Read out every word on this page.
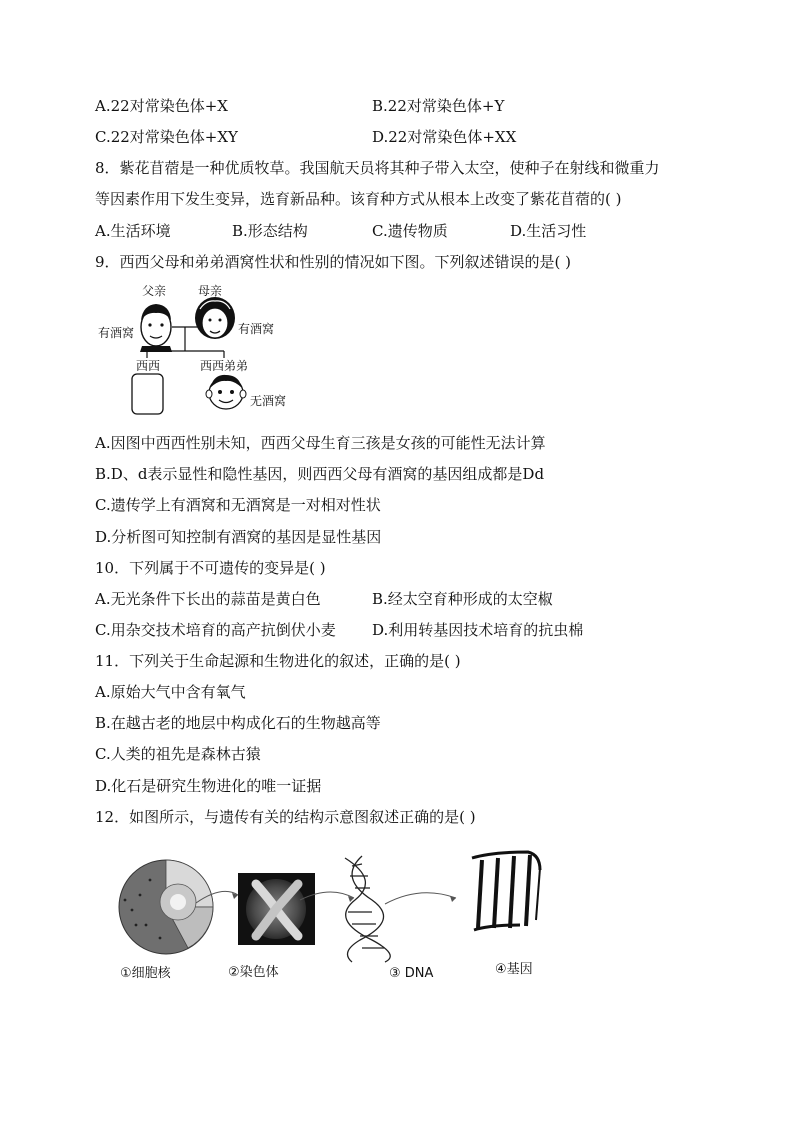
A.22对常染色体+X	B.22对常染色体+Y
C.22对常染色体+XY	D.22对常染色体+XX
8．紫花苜蓿是一种优质牧草。我国航天员将其种子带入太空，使种子在射线和微重力
等因素作用下发生变异，选育新品种。该育种方式从根本上改变了紫花苜蓿的( )
A.生活环境	B.形态结构	C.遗传物质	D.生活习性
9．西西父母和弟弟酒窝性状和性别的情况如下图。下列叙述错误的是( )
父亲	母亲
有酒窝	有酒窝
西西	西西弟弟
无酒窝
A.因图中西西性别未知，西西父母生育三孩是女孩的可能性无法计算
B.D、d表示显性和隐性基因，则西西父母有酒窝的基因组成都是Dd
C.遗传学上有酒窝和无酒窝是一对相对性状
D.分析图可知控制有酒窝的基因是显性基因
10．下列属于不可遗传的变异是( )
A.无光条件下长出的蒜苗是黄白色	B.经太空育种形成的太空椒
C.用杂交技术培育的高产抗倒伏小麦 D.利用转基因技术培育的抗虫棉
11．下列关于生命起源和生物进化的叙述，正确的是( )
A.原始大气中含有氧气
B.在越古老的地层中构成化石的生物越高等
C.人类的祖先是森林古猿
D.化石是研究生物进化的唯一证据
12．如图所示，与遗传有关的结构示意图叙述正确的是( )
①细胞核	②染色体	③ DNA	④基因
